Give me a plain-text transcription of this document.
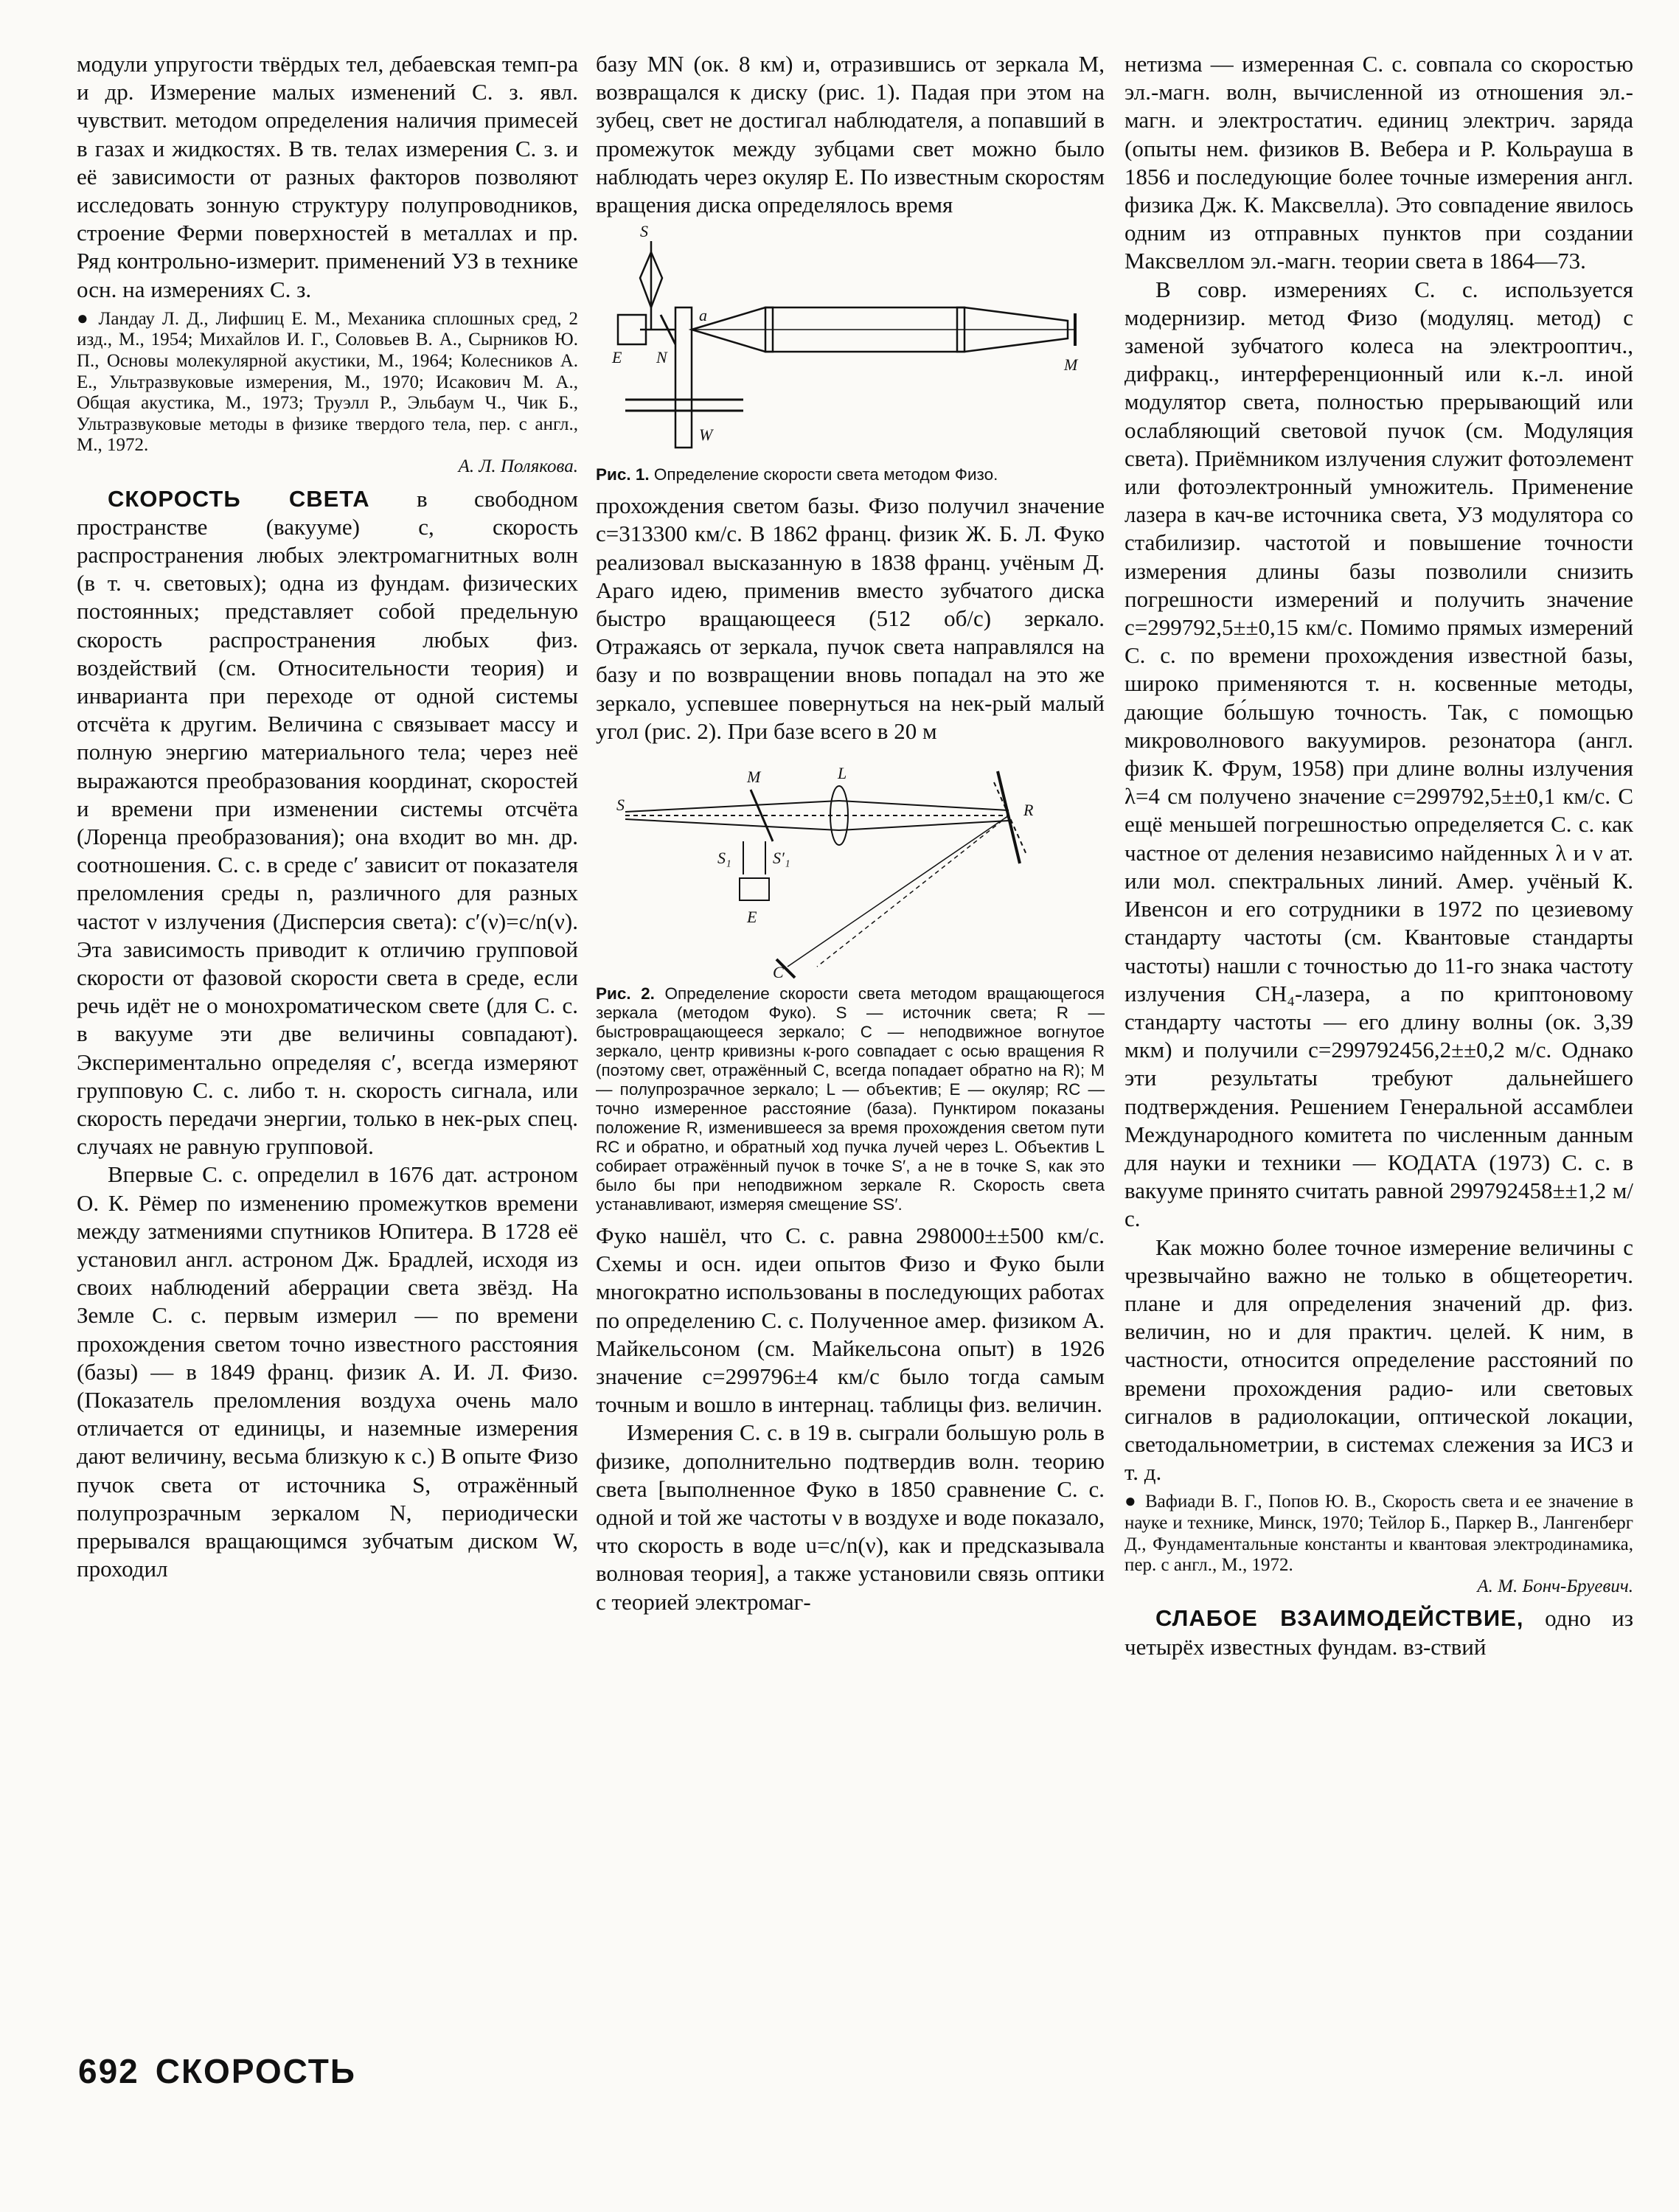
модули упругости твёрдых тел, дебаевская темп-ра и др. Измерение малых изменений С. з. явл. чувствит. методом определения наличия примесей в газах и жидкостях. В тв. телах измерения С. з. и её зависимости от разных факторов позволяют исследовать зонную структуру полупроводников, строение Ферми поверхностей в металлах и пр. Ряд контрольно-измерит. применений УЗ в технике осн. на измерениях С. з.

● Ландау Л. Д., Лифшиц Е. М., Механика сплошных сред, 2 изд., М., 1954; Михайлов И. Г., Соловьев В. А., Сырников Ю. П., Основы молекулярной акустики, М., 1964; Колесников А. Е., Ультразвуковые измерения, М., 1970; Исакович М. А., Общая акустика, М., 1973; Труэлл Р., Эльбаум Ч., Чик Б., Ультразвуковые методы в физике твердого тела, пер. с англ., М., 1972.
А. Л. Полякова.

СКОРОСТЬ СВЕТА в свободном пространстве (вакууме) c, скорость распространения любых электромагнитных волн (в т. ч. световых); одна из фундам. физических постоянных; представляет собой предельную скорость распространения любых физ. воздействий (см. Относительности теория) и инварианта при переходе от одной системы отсчёта к другим. Величина c связывает массу и полную энергию материального тела; через неё выражаются преобразования координат, скоростей и времени при изменении системы отсчёта (Лоренца преобразования); она входит во мн. др. соотношения. С. с. в среде c′ зависит от показателя преломления среды n, различного для разных частот ν излучения (Дисперсия света): c′(ν)=c/n(ν). Эта зависимость приводит к отличию групповой скорости от фазовой скорости света в среде, если речь идёт не о монохроматическом свете (для С. с. в вакууме эти две величины совпадают). Экспериментально определяя c′, всегда измеряют групповую С. с. либо т. н. скорость сигнала, или скорость передачи энергии, только в нек-рых спец. случаях не равную групповой.

Впервые С. с. определил в 1676 дат. астроном О. К. Рёмер по изменению промежутков времени между затмениями спутников Юпитера. В 1728 её установил англ. астроном Дж. Брадлей, исходя из своих наблюдений аберрации света звёзд. На Земле С. с. первым измерил — по времени прохождения светом точно известного расстояния (базы) — в 1849 франц. физик А. И. Л. Физо. (Показатель преломления воздуха очень мало отличается от единицы, и наземные измерения дают величину, весьма близкую к c.) В опыте Физо пучок света от источника S, отражённый полупрозрачным зеркалом N, периодически прерывался вращающимся зубчатым диском W, проходил

базу MN (ок. 8 км) и, отразившись от зеркала M, возвращался к диску (рис. 1). Падая при этом на зубец, свет не достигал наблюдателя, а попавший в промежуток между зубцами свет можно было наблюдать через окуляр E. По известным скоростям вращения диска определялось время

S
a
E N	M
W

Рис. 1. Определение скорости света методом Физо.

прохождения светом базы. Физо получил значение c=313300 км/с. В 1862 франц. физик Ж. Б. Л. Фуко реализовал высказанную в 1838 франц. учёным Д. Араго идею, применив вместо зубчатого диска быстро вращающееся (512 об/с) зеркало. Отражаясь от зеркала, пучок света направлялся на базу и по возвращении вновь попадал на это же зеркало, успевшее повернуться на нек-рый малый угол (рис. 2). При базе всего в 20 м

S
M	L
R
S₁	S′₁
E
C

Рис. 2. Определение скорости света методом вращающегося зеркала (методом Фуко). S — источник света; R — быстровращающееся зеркало; C — неподвижное вогнутое зеркало, центр кривизны к-рого совпадает с осью вращения R (поэтому свет, отражённый C, всегда попадает обратно на R); M — полупрозрачное зеркало; L — объектив; E — окуляр; RC — точно измеренное расстояние (база). Пунктиром показаны положение R, изменившееся за время прохождения светом пути RC и обратно, и обратный ход пучка лучей через L. Объектив L собирает отражённый пучок в точке S′, а не в точке S, как это было бы при неподвижном зеркале R. Скорость света устанавливают, измеряя смещение SS′.

Фуко нашёл, что С. с. равна 298000±±500 км/с. Схемы и осн. идеи опытов Физо и Фуко были многократно использованы в последующих работах по определению С. с. Полученное амер. физиком А. Майкельсоном (см. Майкельсона опыт) в 1926 значение c=299796±4 км/с было тогда самым точным и вошло в интернац. таблицы физ. величин.

Измерения С. с. в 19 в. сыграли большую роль в физике, дополнительно подтвердив волн. теорию света [выполненное Фуко в 1850 сравнение С. с. одной и той же частоты ν в воздухе и воде показало, что скорость в воде u=c/n(ν), как и предсказывала волновая теория], а также установили связь оптики с теорией электромаг-

нетизма — измеренная С. с. совпала со скоростью эл.-магн. волн, вычисленной из отношения эл.-магн. и электростатич. единиц электрич. заряда (опыты нем. физиков В. Вебера и Р. Кольрауша в 1856 и последующие более точные измерения англ. физика Дж. К. Максвелла). Это совпадение явилось одним из отправных пунктов при создании Максвеллом эл.-магн. теории света в 1864—73.

В совр. измерениях С. с. используется модернизир. метод Физо (модуляц. метод) с заменой зубчатого колеса на электрооптич., дифракц., интерференционный или к.-л. иной модулятор света, полностью прерывающий или ослабляющий световой пучок (см. Модуляция света). Приёмником излучения служит фотоэлемент или фотоэлектронный умножитель. Применение лазера в кач-ве источника света, УЗ модулятора со стабилизир. частотой и повышение точности измерения длины базы позволили снизить погрешности измерений и получить значение c=299792,5±±0,15 км/с. Помимо прямых измерений С. с. по времени прохождения известной базы, широко применяются т. н. косвенные методы, дающие бо́льшую точность. Так, с помощью микроволнового вакуумиров. резонатора (англ. физик К. Фрум, 1958) при длине волны излучения λ=4 см получено значение c=299792,5±±0,1 км/с. С ещё меньшей погрешностью определяется С. с. как частное от деления независимо найденных λ и ν ат. или мол. спектральных линий. Амер. учёный К. Ивенсон и его сотрудники в 1972 по цезиевому стандарту частоты (см. Квантовые стандарты частоты) нашли с точностью до 11-го знака частоту излучения CH₄-лазера, а по криптоновому стандарту частоты — его длину волны (ок. 3,39 мкм) и получили c=299792456,2±±0,2 м/с. Однако эти результаты требуют дальнейшего подтверждения. Решением Генеральной ассамблеи Международного комитета по численным данным для науки и техники — КОДАТА (1973) С. с. в вакууме принято считать равной 299792458±±1,2 м/с.

Как можно более точное измерение величины c чрезвычайно важно не только в общетеоретич. плане и для определения значений др. физ. величин, но и для практич. целей. К ним, в частности, относится определение расстояний по времени прохождения радио- или световых сигналов в радиолокации, оптической локации, светодальнометрии, в системах слежения за ИСЗ и т. д.

● Вафиади В. Г., Попов Ю. В., Скорость света и ее значение в науке и технике, Минск, 1970; Тейлор Б., Паркер В., Лангенберг Д., Фундаментальные константы и квантовая электродинамика, пер. с англ., М., 1972.
А. М. Бонч-Бруевич.

СЛАБОЕ ВЗАИМОДЕЙСТВИЕ, одно из четырёх известных фундам. вз-ствий

692 СКОРОСТЬ
